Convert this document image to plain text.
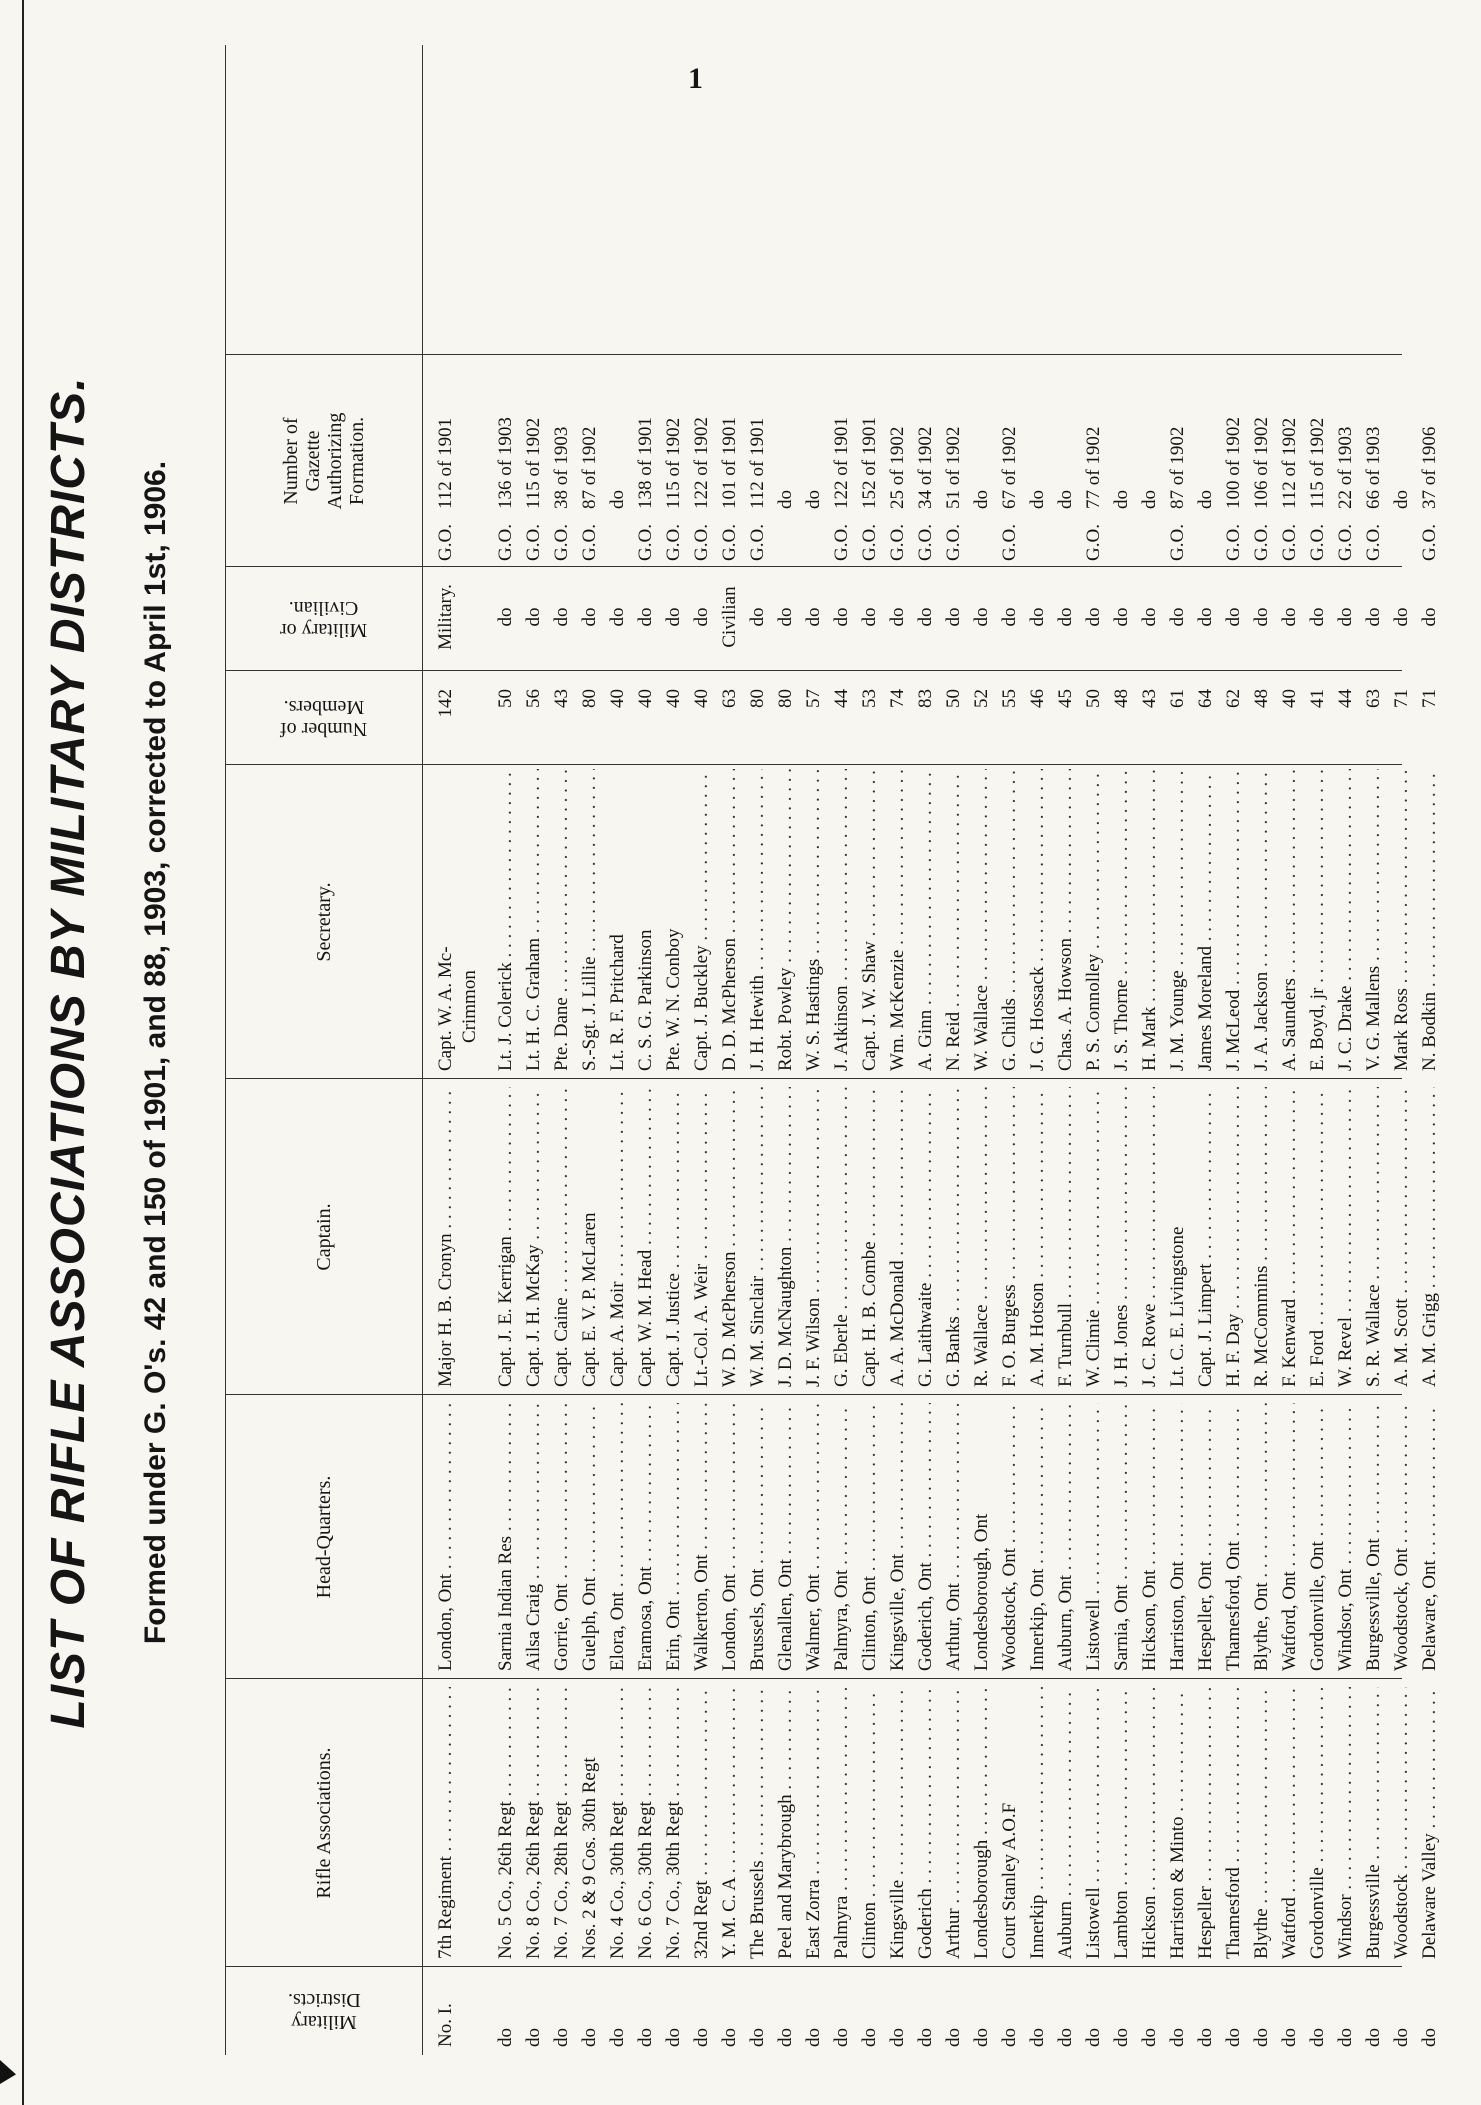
1
LIST OF RIFLE ASSOCIATIONS BY MILITARY DISTRICTS. Formed under G. O's. 42 and 150 of 1901, and 88, 1903, corrected to April 1st, 1906.
Military
Districts.
Rifle Associations.
Head-Quarters.
Captain.
Secretary.
Number of
Members.
Military or
Civilian.
Number of
Gazette
Authorizing
Formation.
No. I.
7th Regiment . . .
London, Ont . . .
Major H. B. Cronyn . . .
Capt. W. A. Mc-
142
Military.
G.O.112 of 1901
Crimmon
do
No. 5 Co., 26th Regt . . .
Sarnia Indian Res . . .
Capt. J. E. Kerrigan . . .
Lt. J. Colerick . . .
50
do
G.O.136 of 1903
do
No. 8 Co., 26th Regt . . .
Ailsa Craig . . .
Capt. J. H. McKay . . .
Lt. H. C. Graham . . .
56
do
G.O.115 of 1902
do
No. 7 Co., 28th Regt . . .
Gorrie, Ont . . .
Capt. Caine . . .
Pte. Dane . . .
43
do
G.O.38 of 1903
do
Nos. 2 & 9 Cos. 30th Regt
Guelph, Ont . . .
Capt. E. V. P. McLaren
S.-Sgt. J. Lillie . . .
80
do
G.O.87 of 1902
do
No. 4 Co., 30th Regt . . .
Elora, Ont . . .
Capt. A. Moir . . .
Lt. R. F. Pritchard
40
do
do
do
No. 6 Co., 30th Regt . . .
Eramosa, Ont . . .
Capt. W. M. Head . . .
C. S. G. Parkinson
40
do
G.O.138 of 1901
do
No. 7 Co., 30th Regt . . .
Erin, Ont . . .
Capt. J. Justice . . .
Pte. W. N. Conboy
40
do
G.O.115 of 1902
do
32nd Regt . . .
Walkerton, Ont . . .
Lt.-Col. A. Weir . . .
Capt. J. Buckley . . .
40
do
G.O.122 of 1902
do
Y. M. C. A . . .
London, Ont . . .
W. D. McPherson . . .
D. D. McPherson . . .
63
Civilian
G.O.101 of 1901
do
The Brussels . . .
Brussels, Ont . . .
W. M. Sinclair . . .
J. H. Hewith . . .
80
do
G.O.112 of 1901
do
Peel and Marybrough . . .
Glenallen, Ont . . .
J. D. McNaughton . . .
Robt. Powley . . .
80
do
do
do
East Zorra . . .
Walmer, Ont . . .
J. F. Wilson . . .
W. S. Hastings . . .
57
do
do
do
Palmyra . . .
Palmyra, Ont . . .
G. Eberle . . .
J. Atkinson . . .
44
do
G.O.122 of 1901
do
Clinton . . .
Clinton, Ont . . .
Capt. H. B. Combe . . .
Capt. J. W. Shaw . . .
53
do
G.O.152 of 1901
do
Kingsville . . .
Kingsville, Ont . . .
A. A. McDonald . . .
Wm. McKenzie . . .
74
do
G.O.25 of 1902
do
Goderich . . .
Goderich, Ont . . .
G. Laithwaite . . .
A. Ginn . . .
83
do
G.O.34 of 1902
do
Arthur . . .
Arthur, Ont . . .
G. Banks . . .
N. Reid . . .
50
do
G.O.51 of 1902
do
Londesborough . . .
Londesborough, Ont
R. Wallace . . .
W. Wallace . . .
52
do
do
do
Court Stanley A.O.F
Woodstock, Ont . . .
F. O. Burgess . . .
G. Childs . . .
55
do
G.O.67 of 1902
do
Innerkip . . .
Innerkip, Ont . . .
A. M. Hotson . . .
J. G. Hossack . . .
46
do
do
do
Auburn . . .
Auburn, Ont . . .
F. Turnbull . . .
Chas. A. Howson . . .
45
do
do
do
Listowell . . .
Listowell . . .
W. Climie . . .
P. S. Connolley . . .
50
do
G.O.77 of 1902
do
Lambton . . .
Sarnia, Ont . . .
J. H. Jones . . .
J. S. Thorne . . .
48
do
do
do
Hickson . . .
Hickson, Ont . . .
J. C. Rowe . . .
H. Mark . . .
43
do
do
do
Harriston & Minto . . .
Harriston, Ont . . .
Lt. C. E. Livingstone
J. M. Younge . . .
61
do
G.O.87 of 1902
do
Hespeller . . .
Hespeller, Ont . . .
Capt. J. Limpert . . .
James Moreland . . .
64
do
do
do
Thamesford . . .
Thamesford, Ont . . .
H. F. Day . . .
J. McLeod . . .
62
do
G.O.100 of 1902
do
Blythe . . .
Blythe, Ont . . .
R. McCommins . . .
J. A. Jackson . . .
48
do
G.O.106 of 1902
do
Watford . . .
Watford, Ont . . .
F. Kenward . . .
A. Saunders . . .
40
do
G.O.112 of 1902
do
Gordonville . . .
Gordonville, Ont . . .
E. Ford . . .
E. Boyd, jr . . .
41
do
G.O.115 of 1902
do
Windsor . . .
Windsor, Ont . . .
W. Revel . . .
J. C. Drake . . .
44
do
G.O.22 of 1903
do
Burgessville . . .
Burgessville, Ont . . .
S. R. Wallace . . .
V. G. Mallens . . .
63
do
G.O.66 of 1903
do
Woodstock . . .
Woodstock, Ont . . .
A. M. Scott . . .
Mark Ross . . .
71
do
do
do
Delaware Valley . . .
Delaware, Ont . . .
A. M. Grigg . . .
N. Bodkin . . .
71
do
G.O.37 of 1906
